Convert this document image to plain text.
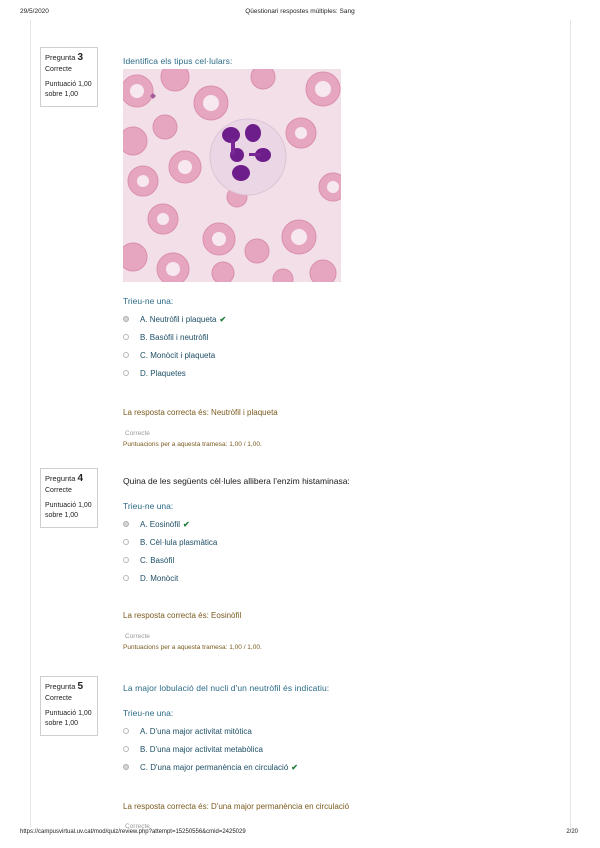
29/5/2020	Qüestionari respostes múltiples: Sang
Pregunta 3
Correcte
Puntuació 1,00
sobre 1,00
Identifica els tipus cel·lulars:
Trieu-ne una:
A. Neutròfil i plaqueta ✔
B. Basòfil i neutròfil
C. Monòcit i plaqueta
D. Plaquetes
La resposta correcta és: Neutròfil i plaqueta
Correcte
Puntuacions per a aquesta tramesa: 1,00 / 1,00.
Pregunta 4
Correcte
Puntuació 1,00
sobre 1,00
Quina de les següents cèl·lules allibera l’enzim histaminasa:
Trieu-ne una:
A. Eosinòfil ✔
B. Cèl·lula plasmàtica
C. Basòfil
D. Monòcit
La resposta correcta és: Eosinòfil
Correcte
Puntuacions per a aquesta tramesa: 1,00 / 1,00.
Pregunta 5
Correcte
Puntuació 1,00
sobre 1,00
La major lobulació del nucli d'un neutròfil és indicatiu:
Trieu-ne una:
A. D'una major activitat mitòtica
B. D'una major activitat metabòlica
C. D'una major permanència en circulació ✔
La resposta correcta és: D'una major permanència en circulació
Correcte
https://campusvirtual.uv.cat/mod/quiz/review.php?attempt=15250556&cmid=2425029	2/20
